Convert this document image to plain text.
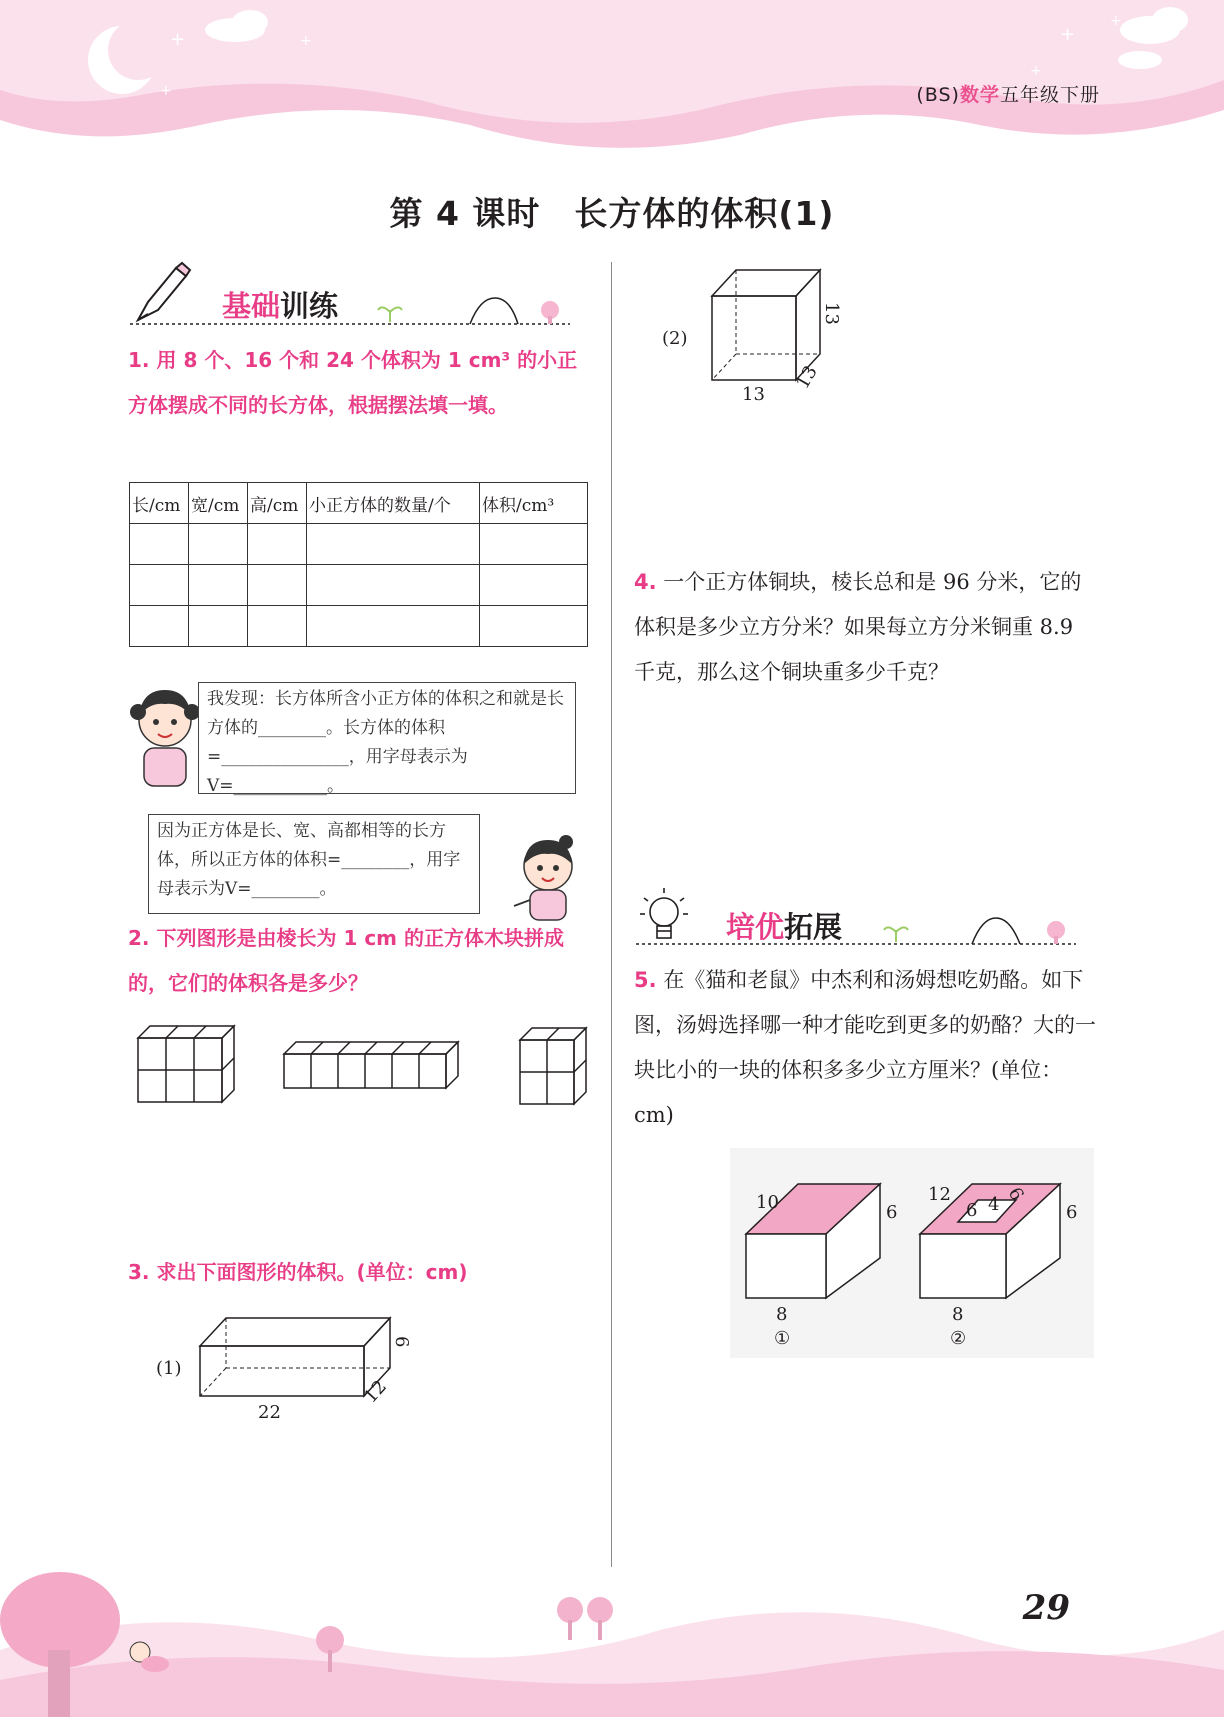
+	+
+
+
+
+
(BS)数学五年级下册
第 4 课时　长方体的体积(1)
基础训练
1. 用 8 个、16 个和 24 个体积为 1 cm³ 的小正方体摆成不同的长方体，根据摆法填一填。
长/cm	宽/cm	高/cm	小正方体的数量/个	体积/cm³

我发现：长方体所含小正方体的体积之和就是长方体的________。长方体的体积=_______________，用字母表示为V=___________。
因为正方体是长、宽、高都相等的长方体，所以正方体的体积=________，用字母表示为V=________。
2. 下列图形是由棱长为 1 cm 的正方体木块拼成的，它们的体积各是多少？
3. 求出下面图形的体积。(单位：cm)
(1)
22
12
6
(2)
13
13
13
4. 一个正方体铜块，棱长总和是 96 分米，它的体积是多少立方分米？如果每立方分米铜重 8.9 千克，那么这个铜块重多少千克？
培优拓展
5. 在《猫和老鼠》中杰利和汤姆想吃奶酪。如下图，汤姆选择哪一种才能吃到更多的奶酪？大的一块比小的一块的体积多多少立方厘米？(单位：cm)
10	6
8
①
12
6
8
②
6 4 6
29
